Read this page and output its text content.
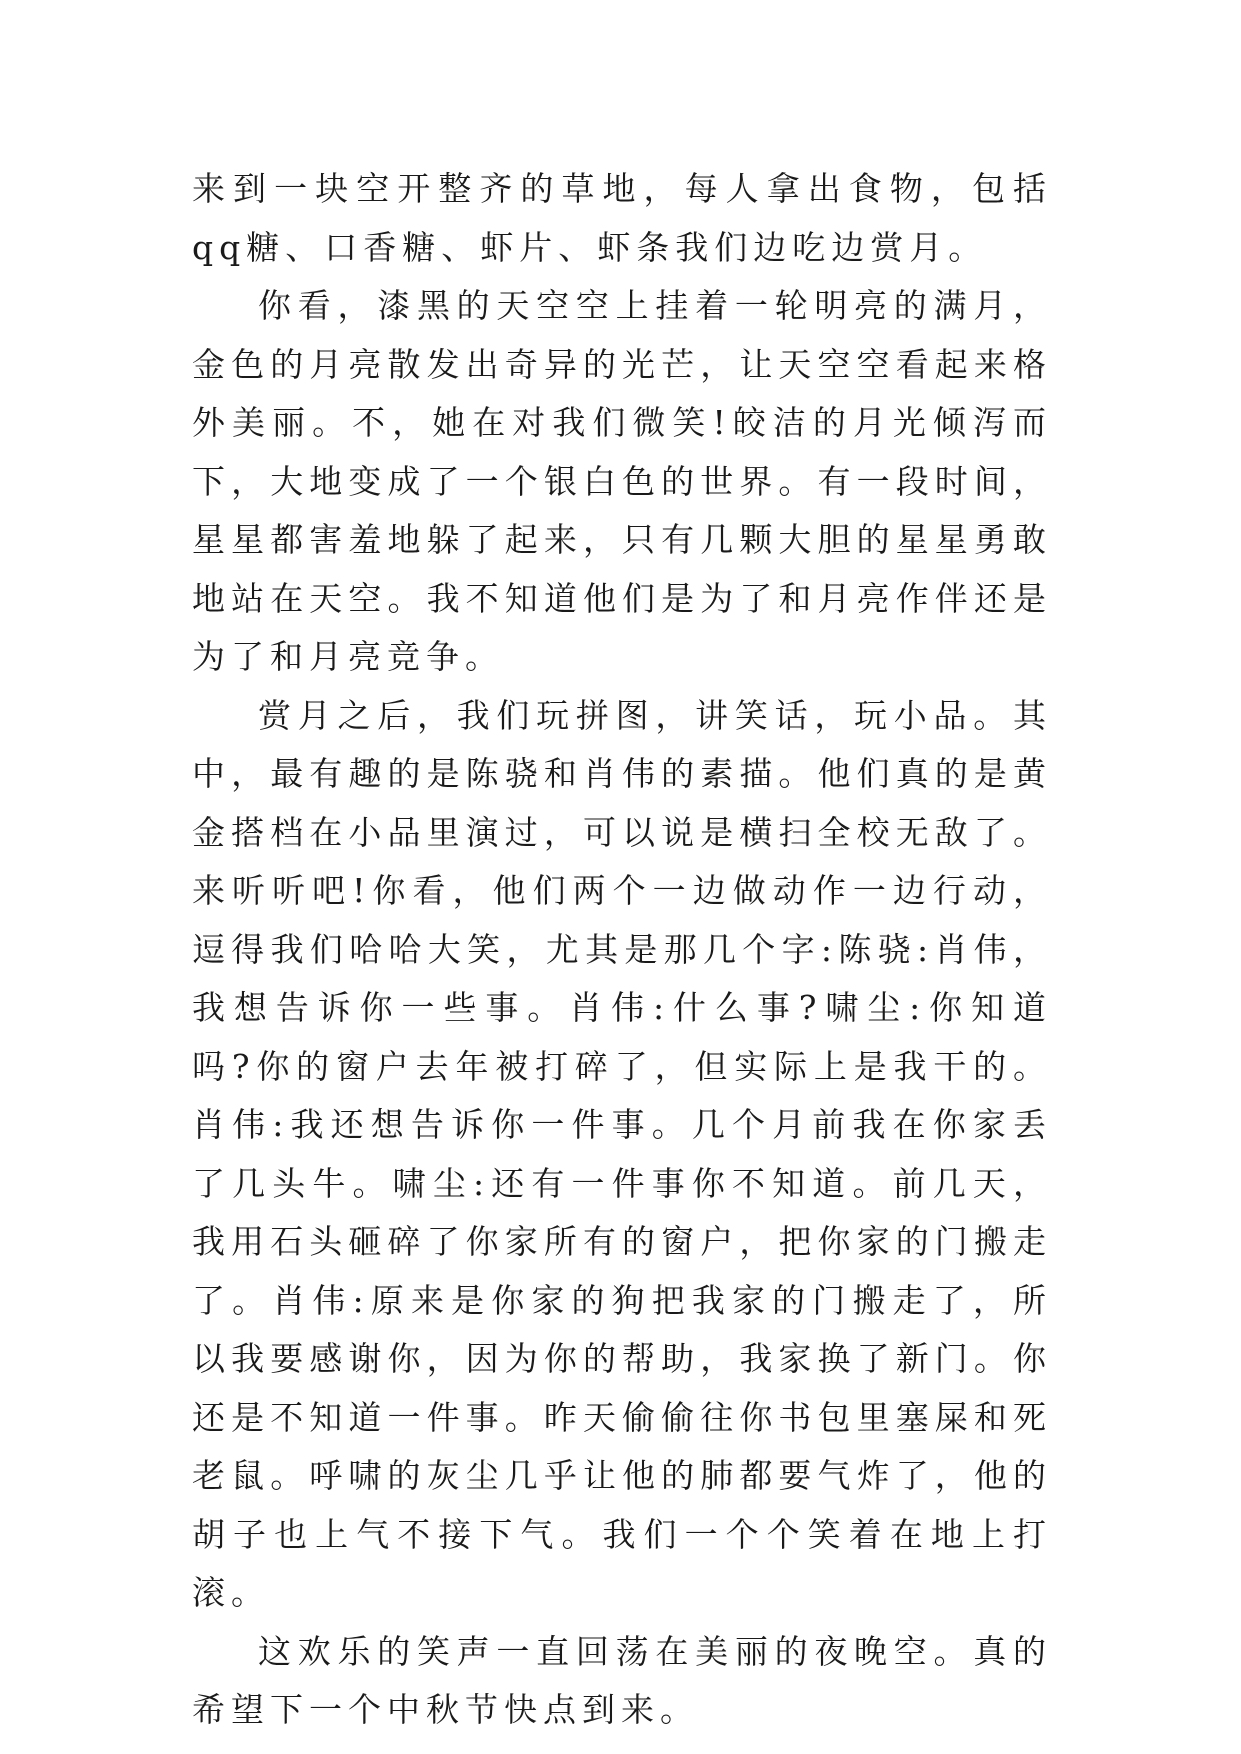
来到一块空开整齐的草地，每人拿出食物，包括qq糖、口香糖、虾片、虾条我们边吃边赏月。

你看，漆黑的天空空上挂着一轮明亮的满月，金色的月亮散发出奇异的光芒，让天空空看起来格外美丽。不，她在对我们微笑!皎洁的月光倾泻而下，大地变成了一个银白色的世界。有一段时间，星星都害羞地躲了起来，只有几颗大胆的星星勇敢地站在天空。我不知道他们是为了和月亮作伴还是为了和月亮竞争。

赏月之后，我们玩拼图，讲笑话，玩小品。其中，最有趣的是陈骁和肖伟的素描。他们真的是黄金搭档在小品里演过，可以说是横扫全校无敌了。来听听吧!你看，他们两个一边做动作一边行动，逗得我们哈哈大笑，尤其是那几个字:陈骁:肖伟，我想告诉你一些事。肖伟:什么事?啸尘:你知道吗?你的窗户去年被打碎了，但实际上是我干的。肖伟:我还想告诉你一件事。几个月前我在你家丢了几头牛。啸尘:还有一件事你不知道。前几天，我用石头砸碎了你家所有的窗户，把你家的门搬走了。肖伟:原来是你家的狗把我家的门搬走了，所以我要感谢你，因为你的帮助，我家换了新门。你还是不知道一件事。昨天偷偷往你书包里塞屎和死老鼠。呼啸的灰尘几乎让他的肺都要气炸了，他的胡子也上气不接下气。我们一个个笑着在地上打滚。

这欢乐的笑声一直回荡在美丽的夜晚空。真的希望下一个中秋节快点到来。
